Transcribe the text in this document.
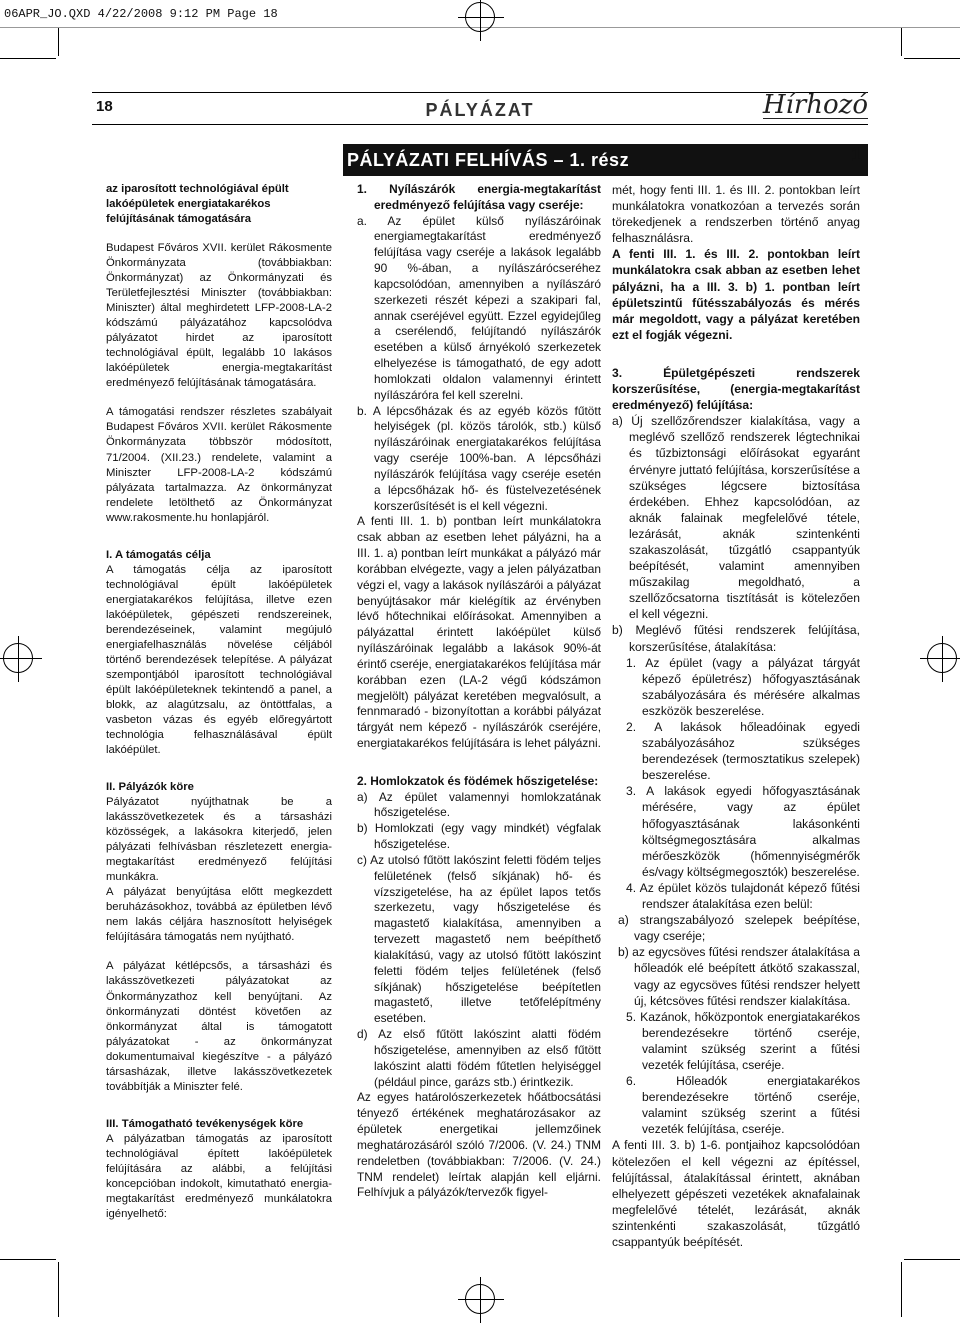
06APR_JO.QXD 4/22/2008 9:12 PM Page 18
18	PÁLYÁZAT	Hírhozó
PÁLYÁZATI FELHÍVÁS – 1. rész	1

az iparosított technológiával épült lakóépületek energiatakarékos felújításának támogatására

Budapest Főváros XVII. kerület Rákosmente Önkormányzata (továbbiakban: Önkormányzat) az Önkormányzati és Területfejlesztési Miniszter (továbbiakban: Miniszter) által meghirdetett LFP-2008-LA-2 kódszámú pályázatához kapcsolódva pályázatot hirdet az iparosított technológiával épült, legalább 10 lakásos lakóépületek energia-megtakarítást eredményező felújításának támogatására.

A támogatási rendszer részletes szabályait Budapest Főváros XVII. kerület Rákosmente Önkormányzata többször módosított, 71/2004. (XII.23.) rendelete, valamint a Miniszter LFP-2008-LA-2 kódszámú pályázata tartalmazza. Az önkormányzat rendelete letölthető az Önkormányzat www.rakosmente.hu honlapjáról.

I. A támogatás célja

A támogatás célja az iparosított technológiával épült lakóépületek energiatakarékos felújítása, illetve ezen lakóépületek, gépészeti rendszereinek, berendezéseinek, valamint megújuló energiafelhasználás növelése céljából történő berendezések telepítése. A pályázat szempontjából iparosított technológiával épült lakóépületeknek tekintendő a panel, a blokk, az alagútzsalu, az öntöttfalas, a vasbeton vázas és egyéb előregyártott technológia felhasználásával épült lakóépület.

II. Pályázók köre

Pályázatot nyújthatnak be a lakásszövetkezetek és a társasházi közösségek, a lakásokra kiterjedő, jelen pályázati felhívásban részletezett energia-megtakarítást eredményező felújítási munkákra.

A pályázat benyújtása előtt megkezdett beruházásokhoz, továbbá az épületben lévő nem lakás céljára hasznosított helyiségek felújítására támogatás nem nyújtható.

A pályázat kétlépcsős, a társasházi és lakásszövetkezeti pályázatokat az Önkormányzathoz kell benyújtani. Az önkormányzati döntést követően az önkormányzat által is támogatott pályázatokat - az önkormányzat dokumentumaival kiegészítve - a pályázó társasházak, illetve lakásszövetkezetek továbbítják a Miniszter felé.

III. Támogatható tevékenységek köre

A pályázatban támogatás az iparosított technológiával épített lakóépületek felújítására az alábbi, a felújítási koncepcióban indokolt, kimutatható energia-megtakarítást eredményező munkálatokra igényelhető:

1. Nyílászárók energia-megtakarítást eredményező felújítása vagy cseréje:

a. Az épület külső nyílászáróinak energiamegtakarítást eredményező felújítása vagy cseréje a lakások legalább 90 %-ában, a nyílászárócseréhez kapcsolódóan, amennyiben a nyílászáró szerkezeti részét képezi a szakipari fal, annak cseréjével együtt. Ezzel egyidejűleg a cserélendő, felújítandó nyílászárók esetében a külső árnyékoló szerkezetek elhelyezése is támogatható, de egy adott homlokzati oldalon valamennyi érintett nyílászáróra fel kell szerelni.

b. A lépcsőházak és az egyéb közös fűtött helyiségek (pl. közös tárolók, stb.) külső nyílászáróinak energiatakarékos felújítása vagy cseréje 100%-ban. A lépcsőházi nyílászárók felújítása vagy cseréje esetén a lépcsőházak hő- és füstelvezetésének korszerűsítését is el kell végezni.

A fenti III. 1. b) pontban leírt munkálatokra csak abban az esetben lehet pályázni, ha a III. 1. a) pontban leírt munkákat a pályázó már korábban elvégezte, vagy a jelen pályázatban végzi el, vagy a lakások nyílászárói a pályázat benyújtásakor már kielégítik az érvényben lévő hőtechnikai előírásokat. Amennyiben a pályázattal érintett lakóépület külső nyílászáróinak legalább a lakások 90%-át érintő cseréje, energiatakarékos felújítása már korábban ezen (LA-2 végű kódszámon megjelölt) pályázat keretében megvalósult, a fennmaradó - bizonyítottan a korábbi pályázat tárgyát nem képező - nyílászárók cseréjére, energiatakarékos felújítására is lehet pályázni.

2. Homlokzatok és födémek hőszigetelése:

a) Az épület valamennyi homlokzatának hőszigetelése.

b) Homlokzati (egy vagy mindkét) végfalak hőszigetelése.

c) Az utolsó fűtött lakószint feletti födém teljes felületének (felső síkjának) hő- és vízszigetelése, ha az épület lapos tetős szerkezetu, vagy hőszigetelése és magastető kialakítása, amennyiben a tervezett magastető nem beépíthető kialakítású, vagy az utolsó fűtött lakószint feletti födém teljes felületének (felső síkjának) hőszigetelése beépítetlen magastető, illetve tetőfelépítmény esetében.

d) Az első fűtött lakószint alatti födém hőszigetelése, amennyiben az első fűtött lakószint alatti födém fűtetlen helyiséggel (például pince, garázs stb.) érintkezik.

Az egyes határolószerkezetek hőátbocsátási tényező értékének meghatározásakor az épületek energetikai jellemzőinek meghatározásáról szóló 7/2006. (V. 24.) TNM rendeletben (továbbiakban: 7/2006. (V. 24.) TNM rendelet) leírtak alapján kell eljárni. Felhívjuk a pályázók/tervezők figyel-

mét, hogy fenti III. 1. és III. 2. pontokban leírt munkálatokra vonatkozóan a tervezés során törekedjenek a rendszerben történő anyag felhasználásra.

A fenti III. 1. és III. 2. pontokban leírt munkálatokra csak abban az esetben lehet pályázni, ha a III. 3. b) 1. pontban leírt épületszintű fűtésszabályozás és mérés már megoldott, vagy a pályázat keretében ezt el fogják végezni.

3. Épületgépészeti rendszerek korszerűsítése, (energia-megtakarítást eredményező) felújítása:

a) Új szellőzőrendszer kialakítása, vagy a meglévő szellőző rendszerek légtechnikai és tűzbiztonsági előírásokat egyaránt érvényre juttató felújítása, korszerűsítése a szükséges légcsere biztosítása érdekében. Ehhez kapcsolódóan, az aknák falainak megfelelővé tétele, lezárását, aknák szintenkénti szakaszolását, tűzgátló csappantyúk beépítését, valamint amennyiben műszakilag megoldható, a szellőzőcsatorna tisztítását is kötelezően el kell végezni.

b) Meglévő fűtési rendszerek felújítása, korszerűsítése, átalakítása:

1. Az épület (vagy a pályázat tárgyát képező épületrész) hőfogyasztásának szabályozására és mérésére alkalmas eszközök beszerelése.

2. A lakások hőleadóinak egyedi szabályozásához szükséges berendezések (termosztatikus szelepek) beszerelése.

3. A lakások egyedi hőfogyasztásának mérésére, vagy az épület hőfogyasztásának lakásonkénti költségmegosztására alkalmas mérőeszközök (hőmennyiségmérők és/vagy költségmegosztók) beszerelése.

4. Az épület közös tulajdonát képező fűtési rendszer átalakítása ezen belül:

a) strangszabályozó szelepek beépítése, vagy cseréje;

b) az egycsöves fűtési rendszer átalakítása a hőleadók elé beépített átkötő szakasszal, vagy az egycsöves fűtési rendszer helyett új, kétcsöves fűtési rendszer kialakítása.

5. Kazánok, hőközpontok energiatakarékos berendezésekre történő cseréje, valamint szükség szerint a fűtési vezeték felújítása, cseréje.

6. Hőleadók energiatakarékos berendezésekre történő cseréje, valamint szükség szerint a fűtési vezeték felújítása, cseréje.

A fenti III. 3. b) 1-6. pontjaihoz kapcsolódóan kötelezően el kell végezni az építéssel, felújítással, átalakítással érintett, aknában elhelyezett gépészeti vezetékek aknafalainak megfelelővé tételét, lezárását, aknák szintenkénti szakaszolását, tűzgátló csappantyúk beépítését.
